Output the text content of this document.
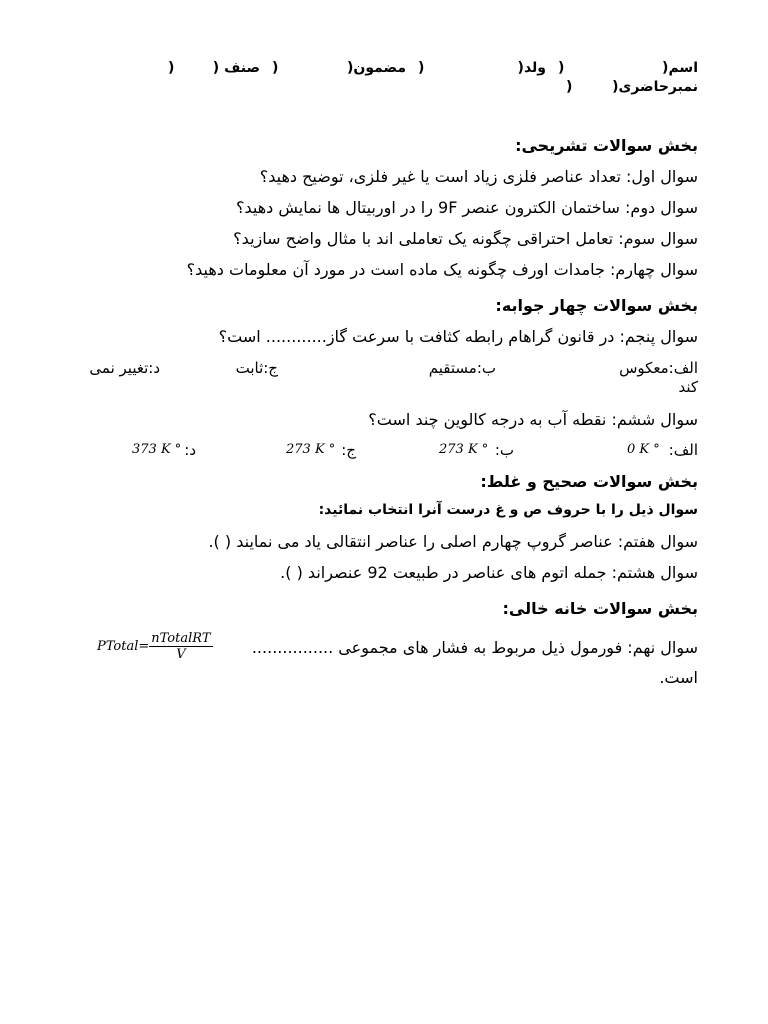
اسم(
)
ولد(
)
مضمون(
)
صنف (
)
نمبرحاضری(
)
بخش سوالات تشریحی:
سوال اول: تعداد عناصر فلزی زیاد است یا غیر فلزی، توضیح دهید؟
سوال دوم: ساختمان الکترون عنصر ‎9F‏ را در اوربیتال ها نمایش دهید؟
سوال سوم: تعامل احتراقی چگونه یک تعاملی اند با مثال واضح سازید؟
سوال چهارم: جامدات اورف چگونه یک ماده است در مورد آن معلومات دهید؟
بخش سوالات چهار جوابه:
سوال پنجم: در قانون گراهام رابطه کثافت با سرعت گاز............ است؟
الف:معکوس
ب:مستقیم
ج:ثابت
د:تغییر نمی
کند
سوال ششم: نقطه آب به درجه کالوین چند است؟
الف:
0 K °
ب:
273 K °
ج:
273 K °
د:
373 K °
بخش سوالات صحیح و غلط:
سوال ذیل را با حروف ص و غ درست آنرا انتخاب نمائید:
سوال هفتم: عناصر گروپ چهارم اصلی را عناصر انتقالی یاد می نمایند ( ).
سوال هشتم: جمله اتوم های عناصر در طبیعت 92 عنصراند ( ).
بخش سوالات خانه خالی:
سوال نهم: فورمول ذیل مربوط به فشار های مجموعی ................
PTotal= $\frac{\text{nTotalRT}}{V}$
است.
